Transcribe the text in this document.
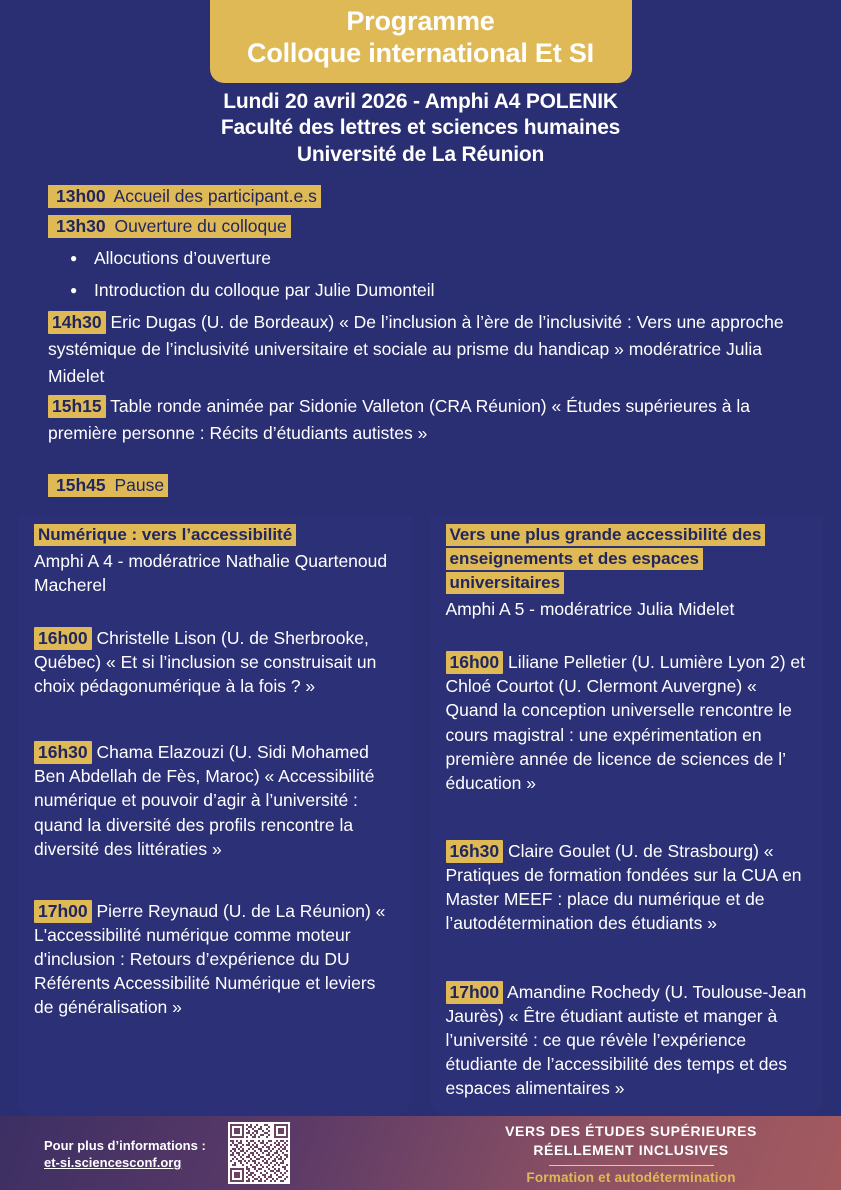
Programme
Colloque international Et SI
Lundi 20 avril 2026 - Amphi A4 POLENIK
Faculté des lettres et sciences humaines
Université de La Réunion
13h00 Accueil des participant.e.s
13h30 Ouverture du colloque
● Allocutions d’ouverture
● Introduction du colloque par Julie Dumonteil
14h30 Eric Dugas (U. de Bordeaux) « De l’inclusion à l’ère de l’inclusivité : Vers une approche systémique de l’inclusivité universitaire et sociale au prisme du handicap » modératrice Julia Midelet
15h15 Table ronde animée par Sidonie Valleton (CRA Réunion) « Études supérieures à la première personne : Récits d’étudiants autistes »
15h45 Pause
Numérique : vers l’accessibilité
Amphi A 4 - modératrice Nathalie Quartenoud Macherel
16h00 Christelle Lison (U. de Sherbrooke, Québec) « Et si l’inclusion se construisait un choix pédagonumérique à la fois ? »
16h30 Chama Elazouzi (U. Sidi Mohamed Ben Abdellah de Fès, Maroc) « Accessibilité numérique et pouvoir d’agir à l’université : quand la diversité des profils rencontre la diversité des littératies »
17h00 Pierre Reynaud (U. de La Réunion) « L'accessibilité numérique comme moteur d'inclusion : Retours d’expérience du DU Référents Accessibilité Numérique et leviers de généralisation »
Vers une plus grande accessibilité des enseignements et des espaces universitaires
Amphi A 5 - modératrice Julia Midelet
16h00 Liliane Pelletier (U. Lumière Lyon 2) et Chloé Courtot (U. Clermont Auvergne) « Quand la conception universelle rencontre le cours magistral : une expérimentation en première année de licence de sciences de l’ éducation »
16h30 Claire Goulet (U. de Strasbourg) « Pratiques de formation fondées sur la CUA en Master MEEF : place du numérique et de l’autodétermination des étudiants »
17h00 Amandine Rochedy (U. Toulouse-Jean Jaurès) « Être étudiant autiste et manger à l’université : ce que révèle l’expérience étudiante de l’accessibilité des temps et des espaces alimentaires »
Pour plus d’informations :
et-si.sciencesconf.org
VERS DES ÉTUDES SUPÉRIEURES
RÉELLEMENT INCLUSIVES
Formation et autodétermination
